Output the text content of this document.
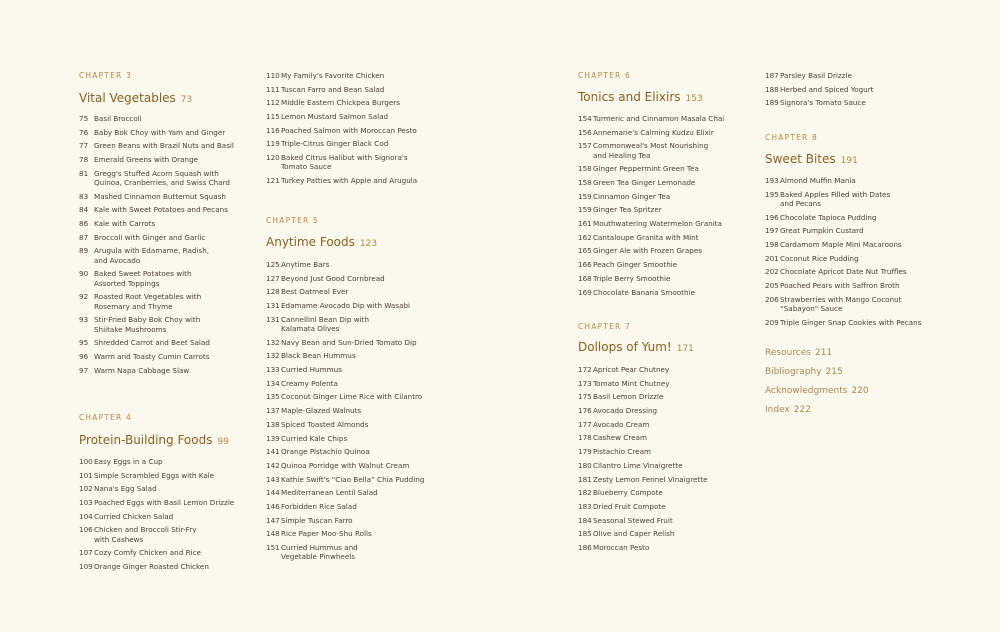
CHAPTER 3
Vital Vegetables 73
75 Basil Broccoli
76 Baby Bok Choy with Yam and Ginger
77 Green Beans with Brazil Nuts and Basil
78 Emerald Greens with Orange
81 Gregg's Stuffed Acorn Squash with
Quinoa, Cranberries, and Swiss Chard
83 Mashed Cinnamon Butternut Squash
84 Kale with Sweet Potatoes and Pecans
86 Kale with Carrots
87 Broccoli with Ginger and Garlic
89 Arugula with Edamame, Radish,
and Avocado
90 Baked Sweet Potatoes with
Assorted Toppings
92 Roasted Root Vegetables with
Rosemary and Thyme
93 Stir-Fried Baby Bok Choy with
Shiitake Mushrooms
95 Shredded Carrot and Beet Salad
96 Warm and Toasty Cumin Carrots
97 Warm Napa Cabbage Slaw
CHAPTER 4
Protein-Building Foods 99
100 Easy Eggs in a Cup
101 Simple Scrambled Eggs with Kale
102 Nana's Egg Salad
103 Poached Eggs with Basil Lemon Drizzle
104 Curried Chicken Salad
106 Chicken and Broccoli Stir-Fry
with Cashews
107 Cozy Comfy Chicken and Rice
109 Orange Ginger Roasted Chicken
110 My Family's Favorite Chicken
111 Tuscan Farro and Bean Salad
112 Middle Eastern Chickpea Burgers
115 Lemon Mustard Salmon Salad
116 Poached Salmon with Moroccan Pesto
119 Triple-Citrus Ginger Black Cod
120 Baked Citrus Halibut with Signora's
Tomato Sauce
121 Turkey Patties with Apple and Arugula
CHAPTER 5
Anytime Foods 123
125 Anytime Bars
127 Beyond Just Good Cornbread
128 Best Oatmeal Ever
131 Edamame Avocado Dip with Wasabi
131 Cannellini Bean Dip with
Kalamata Olives
132 Navy Bean and Sun-Dried Tomato Dip
132 Black Bean Hummus
133 Curried Hummus
134 Creamy Polenta
135 Coconut Ginger Lime Rice with Cilantro
137 Maple-Glazed Walnuts
138 Spiced Toasted Almonds
139 Curried Kale Chips
141 Orange Pistachio Quinoa
142 Quinoa Porridge with Walnut Cream
143 Kathie Swift's “Ciao Bella” Chia Pudding
144 Mediterranean Lentil Salad
146 Forbidden Rice Salad
147 Simple Tuscan Farro
148 Rice Paper Moo-Shu Rolls
151 Curried Hummus and
Vegetable Pinwheels
CHAPTER 6
Tonics and Elixirs 153
154 Turmeric and Cinnamon Masala Chai
156 Annemarie's Calming Kudzu Elixir
157 Commonweal's Most Nourishing
and Healing Tea
158 Ginger Peppermint Green Tea
158 Green Tea Ginger Lemonade
159 Cinnamon Ginger Tea
159 Ginger Tea Spritzer
161 Mouthwatering Watermelon Granita
162 Cantaloupe Granita with Mint
165 Ginger Ale with Frozen Grapes
166 Peach Ginger Smoothie
168 Triple Berry Smoothie
169 Chocolate Banana Smoothie
CHAPTER 7
Dollops of Yum! 171
172 Apricot Pear Chutney
173 Tomato Mint Chutney
175 Basil Lemon Drizzle
176 Avocado Dressing
177 Avocado Cream
178 Cashew Cream
179 Pistachio Cream
180 Cilantro Lime Vinaigrette
181 Zesty Lemon Fennel Vinaigrette
182 Blueberry Compote
183 Dried Fruit Compote
184 Seasonal Stewed Fruit
185 Olive and Caper Relish
186 Moroccan Pesto
187 Parsley Basil Drizzle
188 Herbed and Spiced Yogurt
189 Signora's Tomato Sauce
CHAPTER 8
Sweet Bites 191
193 Almond Muffin Mania
195 Baked Apples Filled with Dates
and Pecans
196 Chocolate Tapioca Pudding
197 Great Pumpkin Custard
198 Cardamom Maple Mini Macaroons
201 Coconut Rice Pudding
202 Chocolate Apricot Date Nut Truffles
205 Poached Pears with Saffron Broth
206 Strawberries with Mango Coconut
“Sabayon” Sauce
209 Triple Ginger Snap Cookies with Pecans
Resources 211
Bibliography 215
Acknowledgments 220
Index 222
